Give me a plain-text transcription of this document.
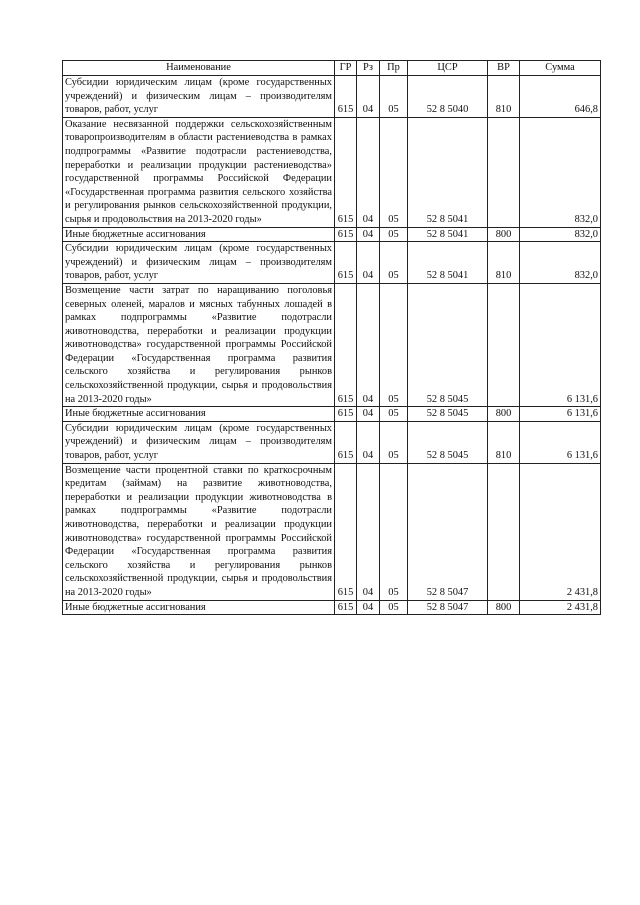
Наименование	ГР	Рз	Пр	ЦСР	ВР	Сумма
Субсидии юридическим лицам (кроме государственных учреждений) и физическим лицам – производителям товаров, работ, услуг	615	04	05	52 8 5040	810	646,8
Оказание несвязанной поддержки сельскохозяйственным товаропроизводителям в области растениеводства в рамках подпрограммы «Развитие подотрасли растениеводства, переработки и реализации продукции растениеводства» государственной программы Российской Федерации «Государственная программа развития сельского хозяйства и регулирования рынков сельскохозяйственной продукции, сырья и продовольствия на 2013-2020 годы»	615	04	05	52 8 5041		832,0
Иные бюджетные ассигнования	615	04	05	52 8 5041	800	832,0
Субсидии юридическим лицам (кроме государственных учреждений) и физическим лицам – производителям товаров, работ, услуг	615	04	05	52 8 5041	810	832,0
Возмещение части затрат по наращиванию поголовья северных оленей, маралов и мясных табунных лошадей в рамках подпрограммы «Развитие подотрасли животноводства, переработки и реализации продукции животноводства» государственной программы Российской Федерации «Государственная программа развития сельского хозяйства и регулирования рынков сельскохозяйственной продукции, сырья и продовольствия на 2013-2020 годы»	615	04	05	52 8 5045		6 131,6
Иные бюджетные ассигнования	615	04	05	52 8 5045	800	6 131,6
Субсидии юридическим лицам (кроме государственных учреждений) и физическим лицам – производителям товаров, работ, услуг	615	04	05	52 8 5045	810	6 131,6
Возмещение части процентной ставки по краткосрочным кредитам (займам) на развитие животноводства, переработки и реализации продукции животноводства в рамках подпрограммы «Развитие подотрасли животноводства, переработки и реализации продукции животноводства» государственной программы Российской Федерации «Государственная программа развития сельского хозяйства и регулирования рынков сельскохозяйственной продукции, сырья и продовольствия на 2013-2020 годы»	615	04	05	52 8 5047		2 431,8
Иные бюджетные ассигнования	615	04	05	52 8 5047	800	2 431,8
